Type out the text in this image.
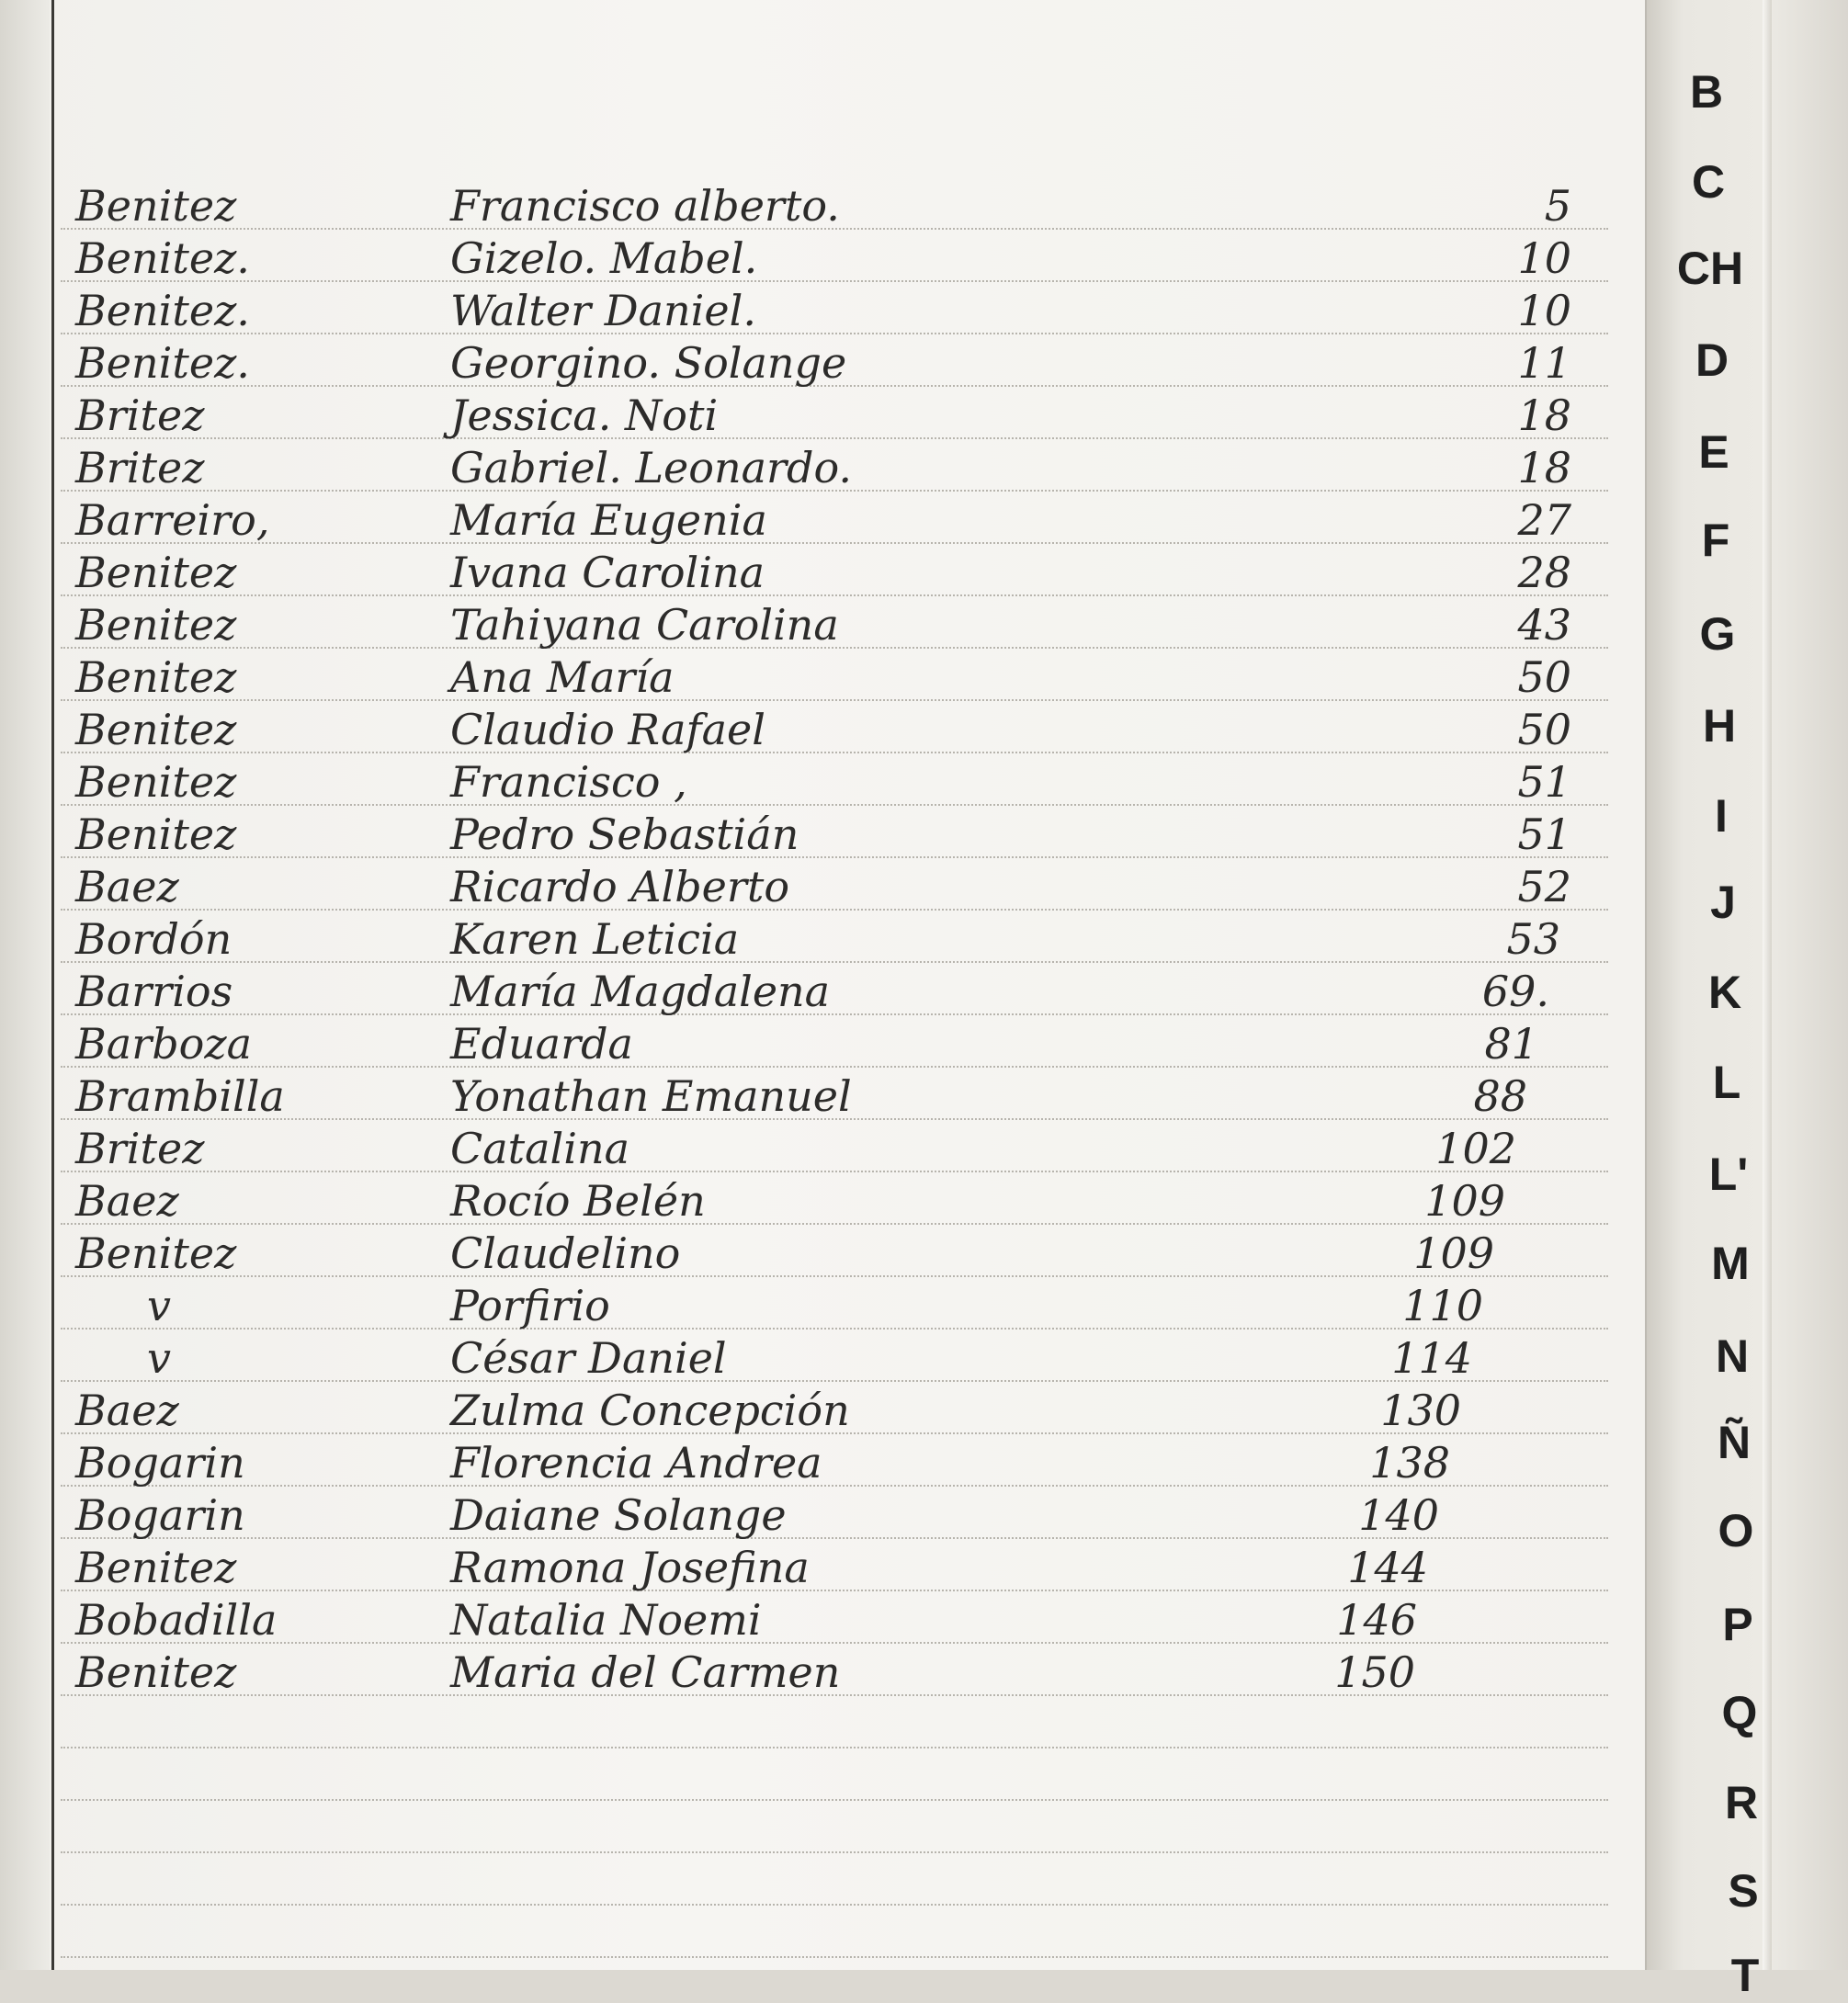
Benitez	Francisco alberto.	5
Benitez.	Gizelo. Mabel.	10
Benitez.	Walter Daniel.	10
Benitez.	Georgino. Solange	11
Britez	Jessica. Noti	18
Britez	Gabriel. Leonardo.	18
Barreiro,	María Eugenia	27
Benitez	Ivana Carolina	28
Benitez	Tahiyana Carolina	43
Benitez	Ana María	50
Benitez	Claudio Rafael	50
Benitez	Francisco ,	51
Benitez	Pedro Sebastián	51
Baez	Ricardo Alberto	52
Bordón	Karen Leticia	53
Barrios	María Magdalena	69.
Barboza	Eduarda	81
Brambilla	Yonathan Emanuel	88
Britez	Catalina	102
Baez	Rocío Belén	109
Benitez	Claudelino	109
v	Porfirio	110
v	César Daniel	114
Baez	Zulma Concepción	130
Bogarin	Florencia Andrea	138
Bogarin	Daiane Solange	140
Benitez	Ramona Josefina	144
Bobadilla	Natalia Noemi	146
Benitez	Maria del Carmen	150
B
C
CH
D
E
F
G
H
I
J
K
L
L'
M
N
Ñ
O
P
Q
R
S
T
